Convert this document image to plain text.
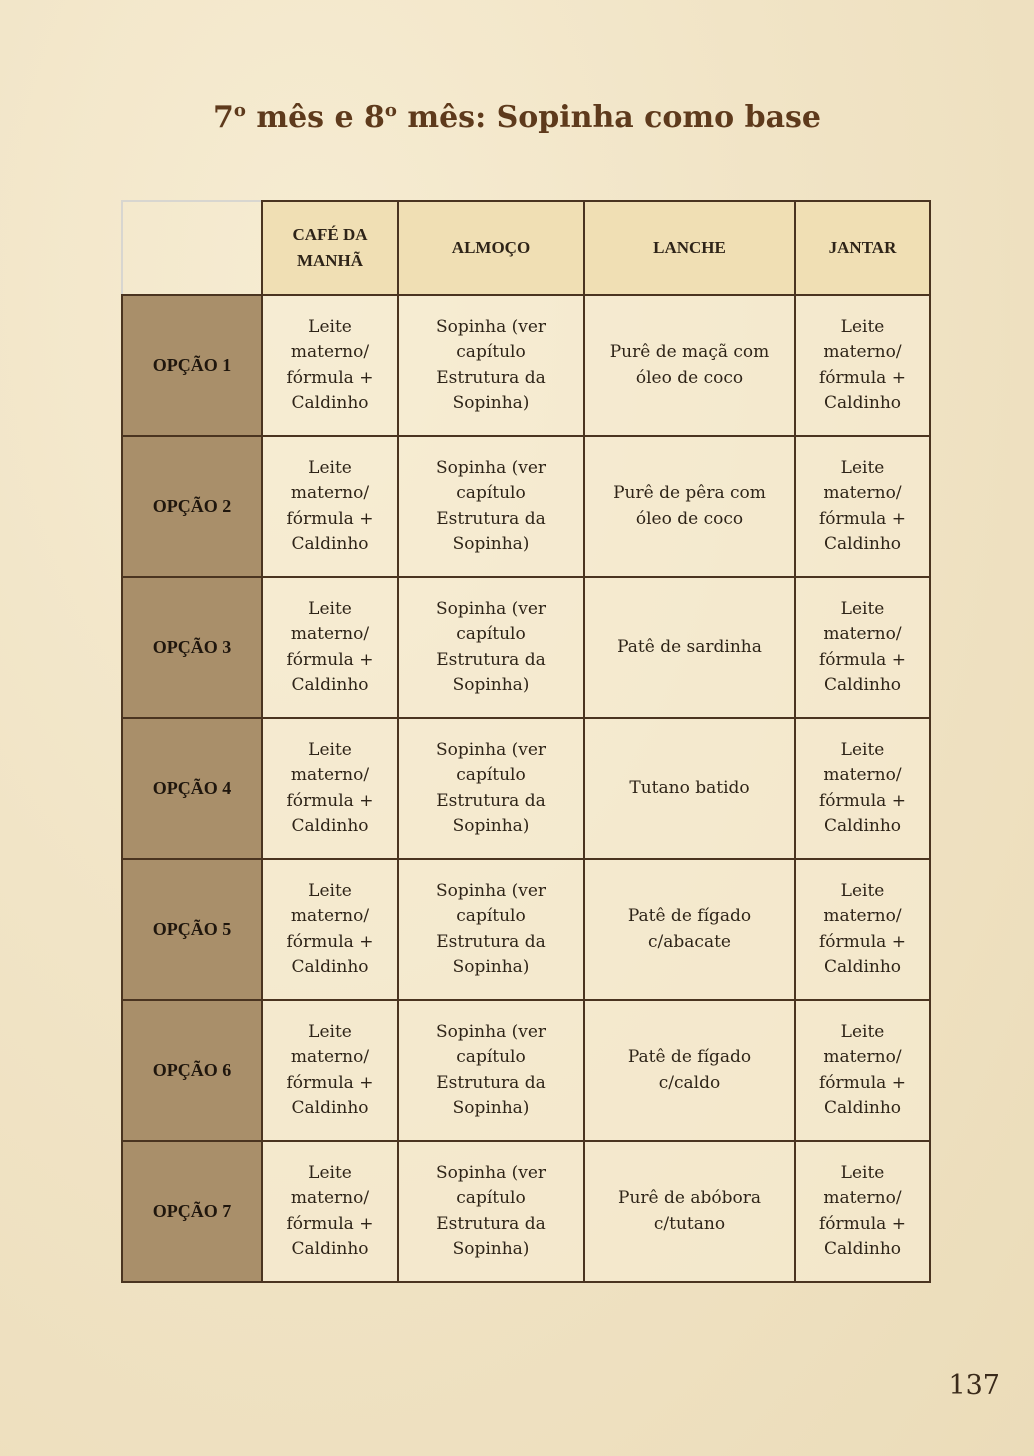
7$^o$ mês e 8$^o$ mês: Sopinha como base
	CAFÉ DA MANHÃ	ALMOÇO	LANCHE	JANTAR
OPÇÃO 1	Leite materno/ fórmula + Caldinho	Sopinha (ver capítulo Estrutura da Sopinha)	Purê de maçã com óleo de coco	Leite materno/ fórmula + Caldinho
OPÇÃO 2	Leite materno/ fórmula + Caldinho	Sopinha (ver capítulo Estrutura da Sopinha)	Purê de pêra com óleo de coco	Leite materno/ fórmula + Caldinho
OPÇÃO 3	Leite materno/ fórmula + Caldinho	Sopinha (ver capítulo Estrutura da Sopinha)	Patê de sardinha	Leite materno/ fórmula + Caldinho
OPÇÃO 4	Leite materno/ fórmula + Caldinho	Sopinha (ver capítulo Estrutura da Sopinha)	Tutano batido	Leite materno/ fórmula + Caldinho
OPÇÃO 5	Leite materno/ fórmula + Caldinho	Sopinha (ver capítulo Estrutura da Sopinha)	Patê de fígado c/abacate	Leite materno/ fórmula + Caldinho
OPÇÃO 6	Leite materno/ fórmula + Caldinho	Sopinha (ver capítulo Estrutura da Sopinha)	Patê de fígado c/caldo	Leite materno/ fórmula + Caldinho
OPÇÃO 7	Leite materno/ fórmula + Caldinho	Sopinha (ver capítulo Estrutura da Sopinha)	Purê de abóbora c/tutano	Leite materno/ fórmula + Caldinho
137
